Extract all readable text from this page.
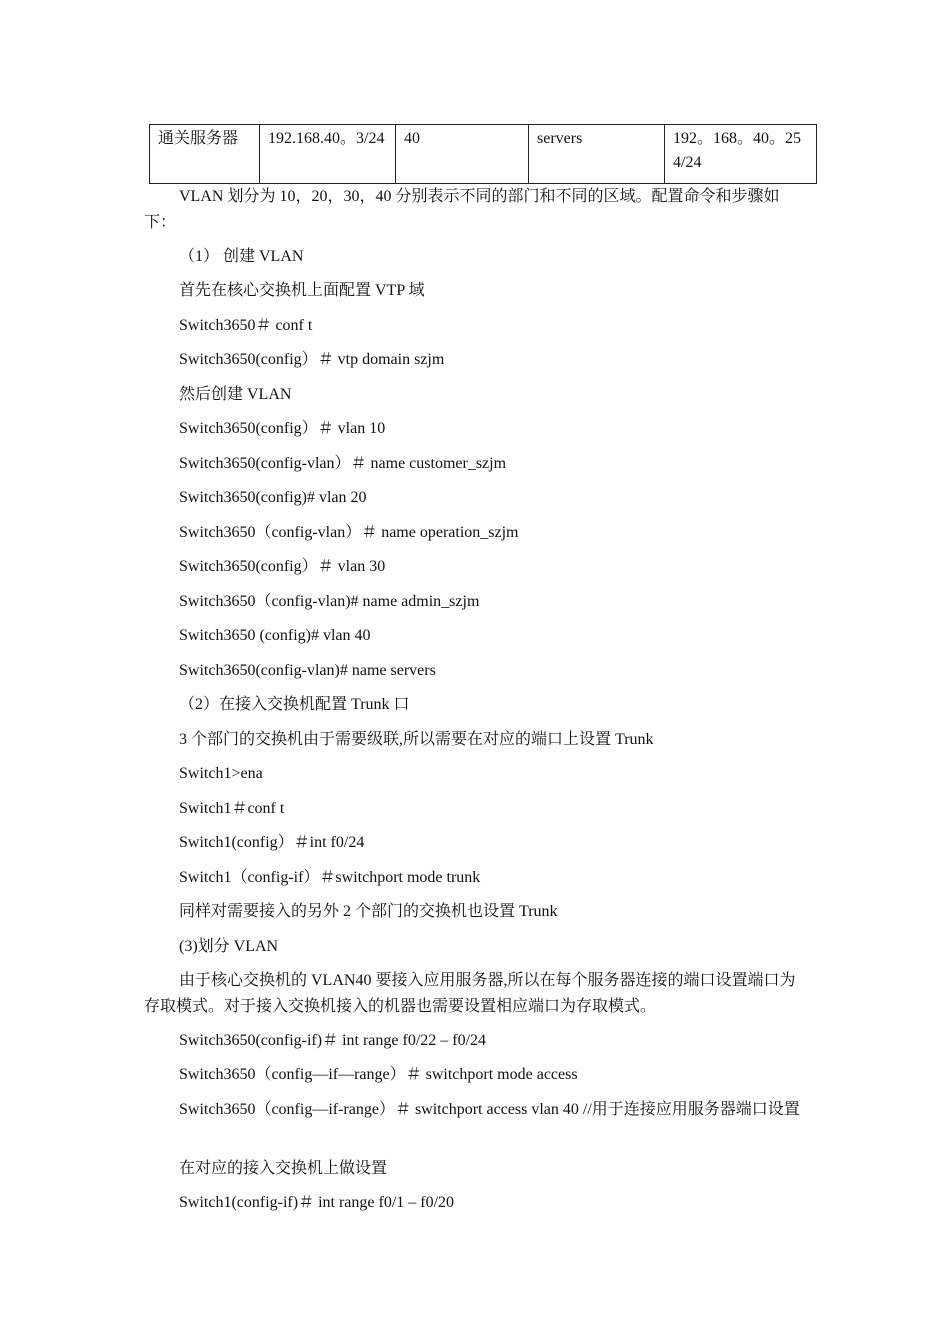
通关服务器	192.168.40。3/24	40	servers	192。168。40。254/24
VLAN 划分为 10，20，30，40 分别表示不同的部门和不同的区域。配置命令和步骤如下：
（1） 创建 VLAN
首先在核心交换机上面配置 VTP 域
Switch3650＃ conf t
Switch3650(config）＃ vtp domain szjm
然后创建 VLAN
Switch3650(config）＃ vlan 10
Switch3650(config-vlan）＃ name customer_szjm
Switch3650(config)# vlan 20
Switch3650（config-vlan）＃ name operation_szjm
Switch3650(config）＃ vlan 30
Switch3650（config-vlan)# name admin_szjm
Switch3650 (config)# vlan 40
Switch3650(config-vlan)# name servers
（2）在接入交换机配置 Trunk 口
3 个部门的交换机由于需要级联,所以需要在对应的端口上设置 Trunk
Switch1>ena
Switch1＃conf t
Switch1(config）＃int f0/24
Switch1（config-if）＃switchport mode trunk
同样对需要接入的另外 2 个部门的交换机也设置 Trunk
(3)划分 VLAN
由于核心交换机的 VLAN40 要接入应用服务器,所以在每个服务器连接的端口设置端口为存取模式。对于接入交换机接入的机器也需要设置相应端口为存取模式。
Switch3650(config-if)＃ int range f0/22 – f0/24
Switch3650（config—if—range）＃ switchport mode access
Switch3650（config—if-range）＃ switchport access vlan 40 //用于连接应用服务器端口设置
在对应的接入交换机上做设置
Switch1(config-if)＃ int range f0/1 – f0/20
